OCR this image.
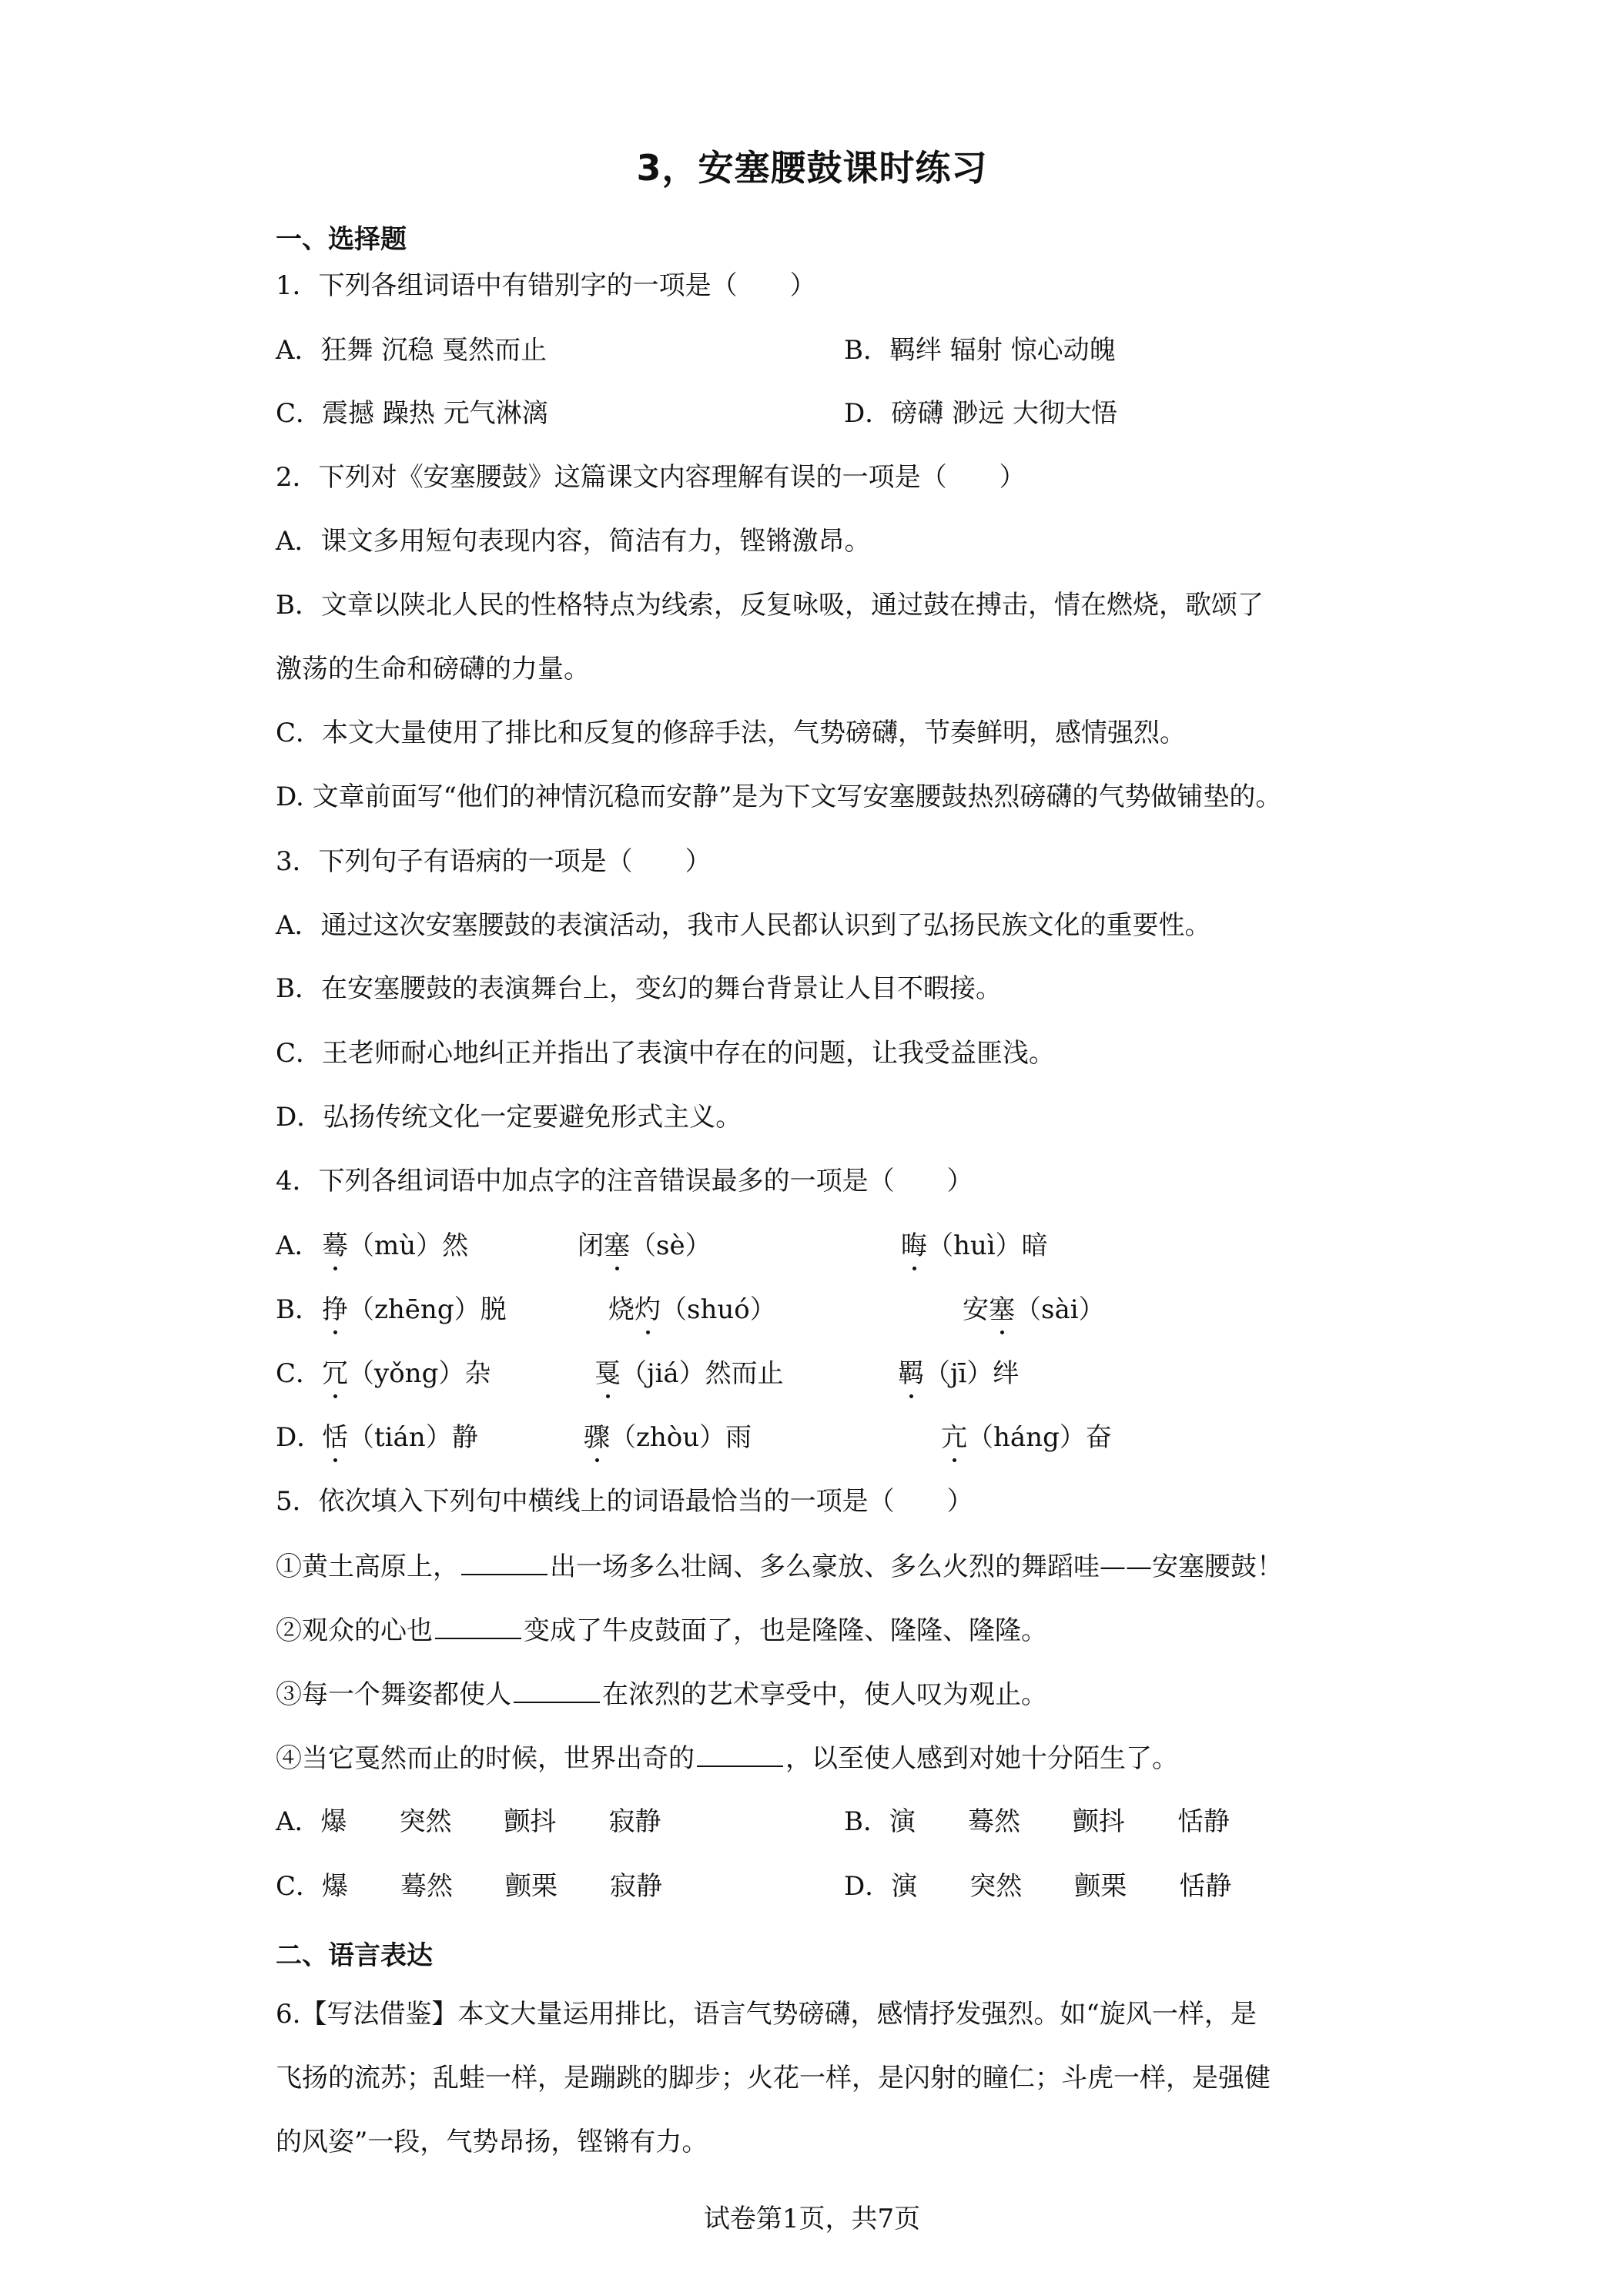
3，安塞腰鼓课时练习
一、选择题
1．下列各组词语中有错别字的一项是（　　）
A．狂舞 沉稳 戛然而止	B．羁绊 辐射 惊心动魄
C．震撼 躁热 元气淋漓	D．磅礴 渺远 大彻大悟
2．下列对《安塞腰鼓》这篇课文内容理解有误的一项是（　　）
A．课文多用短句表现内容，简洁有力，铿锵激昂。
B．文章以陕北人民的性格特点为线索，反复咏吸，通过鼓在搏击，情在燃烧，歌颂了
激荡的生命和磅礴的力量。
C．本文大量使用了排比和反复的修辞手法，气势磅礴，节奏鲜明，感情强烈。
D. 文章前面写“他们的神情沉稳而安静”是为下文写安塞腰鼓热烈磅礴的气势做铺垫的。
3．下列句子有语病的一项是（　　）
A．通过这次安塞腰鼓的表演活动，我市人民都认识到了弘扬民族文化的重要性。
B．在安塞腰鼓的表演舞台上，变幻的舞台背景让人目不暇接。
C．王老师耐心地纠正并指出了表演中存在的问题，让我受益匪浅。
D．弘扬传统文化一定要避免形式主义。
4．下列各组词语中加点字的注音错误最多的一项是（　　）
A． 蓦（mù）然	闭塞（sè）	晦（huì）暗
B． 挣（zhēng）脱	烧灼（shuó）	安塞（sài）
C． 冗（yǒng）杂	戛（jiá）然而止	羁（jī）绊
D．
恬（tián）静	骤（zhòu）雨	亢（háng）奋
5．依次填入下列句中横线上的词语最恰当的一项是（　　）
①黄土高原上，	出一场多么壮阔、多么豪放、多么火烈的舞蹈哇——安塞腰鼓！
②观众的心也	变成了牛皮鼓面了，也是隆隆、隆隆、隆隆。
③每一个舞姿都使人	在浓烈的艺术享受中，使人叹为观止。
④当它戛然而止的时候，世界出奇的	，以至使人感到对她十分陌生了。
A．爆　　突然　　颤抖　　寂静	B．演　　蓦然　　颤抖　　恬静
C．爆　　蓦然　　颤栗　　寂静	D．演　　突然　　颤栗　　恬静
二、语言表达
6.【写法借鉴】本文大量运用排比，语言气势磅礴，感情抒发强烈。如“旋风一样，是
飞扬的流苏；乱蛙一样，是蹦跳的脚步；火花一样，是闪射的瞳仁；斗虎一样，是强健
的风姿”一段，气势昂扬，铿锵有力。
试卷第1页，共7页
